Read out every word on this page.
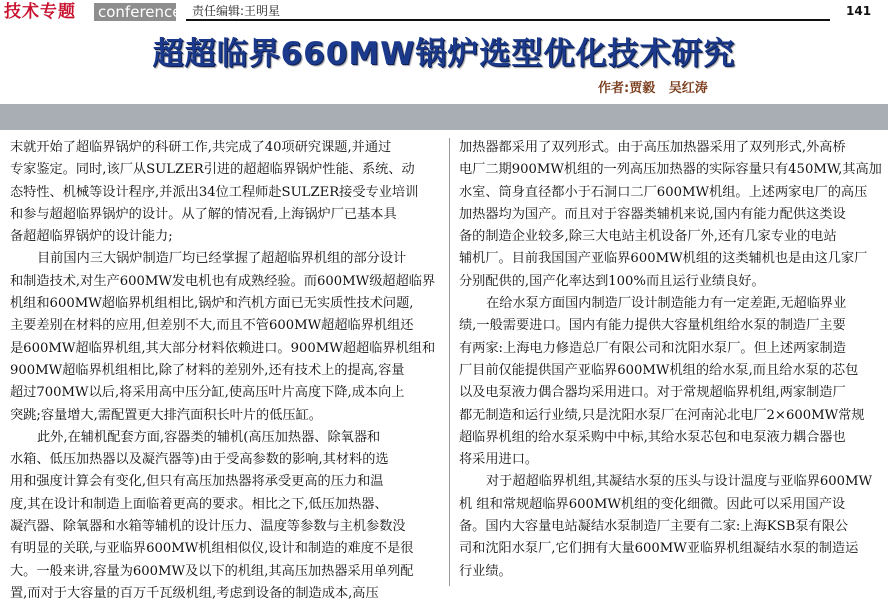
技术专题 conference 责任编辑:王明星	141
超超临界660MW锅炉选型优化技术研究
作者:贾毅   吴红涛
末就开始了超临界锅炉的科研工作,共完成了40项研究课题,并通过
专家鉴定。同时,该厂从SULZER引进的超超临界锅炉性能、系统、动
态特性、机械等设计程序,并派出34位工程师赴SULZER接受专业培训
和参与超超临界锅炉的设计。从了解的情况看,上海锅炉厂已基本具
备超超临界锅炉的设计能力;
目前国内三大锅炉制造厂均已经掌握了超超临界机组的部分设计
和制造技术,对生产600MW发电机也有成熟经验。而600MW级超超临界
机组和600MW超临界机组相比,锅炉和汽机方面已无实质性技术问题,
主要差别在材料的应用,但差别不大,而且不管600MW超超临界机组还
是600MW超临界机组,其大部分材料依赖进口。900MW超超临界机组和
900MW超临界机组相比,除了材料的差别外,还有技术上的提高,容量
超过700MW以后,将采用高中压分缸,使高压叶片高度下降,成本向上
突跳;容量增大,需配置更大排汽面积长叶片的低压缸。
此外,在辅机配套方面,容器类的辅机(高压加热器、除氧器和
水箱、低压加热器以及凝汽器等)由于受高参数的影响,其材料的选
用和强度计算会有变化,但只有高压加热器将承受更高的压力和温
度,其在设计和制造上面临着更高的要求。相比之下,低压加热器、
凝汽器、除氧器和水箱等辅机的设计压力、温度等参数与主机参数没
有明显的关联,与亚临界600MW机组相似仪,设计和制造的难度不是很
大。一般来讲,容量为600MW及以下的机组,其高压加热器采用单列配
置,而对于大容量的百万千瓦级机组,考虑到设备的制造成本,高压
加热器都采用了双列形式。由于高压加热器采用了双列形式,外高桥
电厂二期900MW机组的一列高压加热器的实际容量只有450MW,其高加
水室、筒身直径都小于石洞口二厂600MW机组。上述两家电厂的高压
加热器均为国产。而且对于容器类辅机来说,国内有能力配供这类设
备的制造企业较多,除三大电站主机设备厂外,还有几家专业的电站
辅机厂。目前我国国产亚临界600MW机组的这类辅机也是由这几家厂
分别配供的,国产化率达到100%而且运行业绩良好。
在给水泵方面国内制造厂设计制造能力有一定差距,无超临界业
绩,一般需要进口。国内有能力提供大容量机组给水泵的制造厂主要
有两家:上海电力修造总厂有限公司和沈阳水泵厂。但上述两家制造
厂目前仅能提供国产亚临界600MW机组的给水泵,而且给水泵的芯包
以及电泵液力偶合器均采用进口。对于常规超临界机组,两家制造厂
都无制造和运行业绩,只是沈阳水泵厂在河南沁北电厂2×600MW常规
超临界机组的给水泵采购中中标,其给水泵芯包和电泵液力耦合器也
将采用进口。
对于超超临界机组,其凝结水泵的压头与设计温度与亚临界600MW
机 组和常规超临界600MW机组的变化细微。因此可以采用国产设
备。国内大容量电站凝结水泵制造厂主要有二家:上海KSB泵有限公
司和沈阳水泵厂,它们拥有大量600MW亚临界机组凝结水泵的制造运
行业绩。
